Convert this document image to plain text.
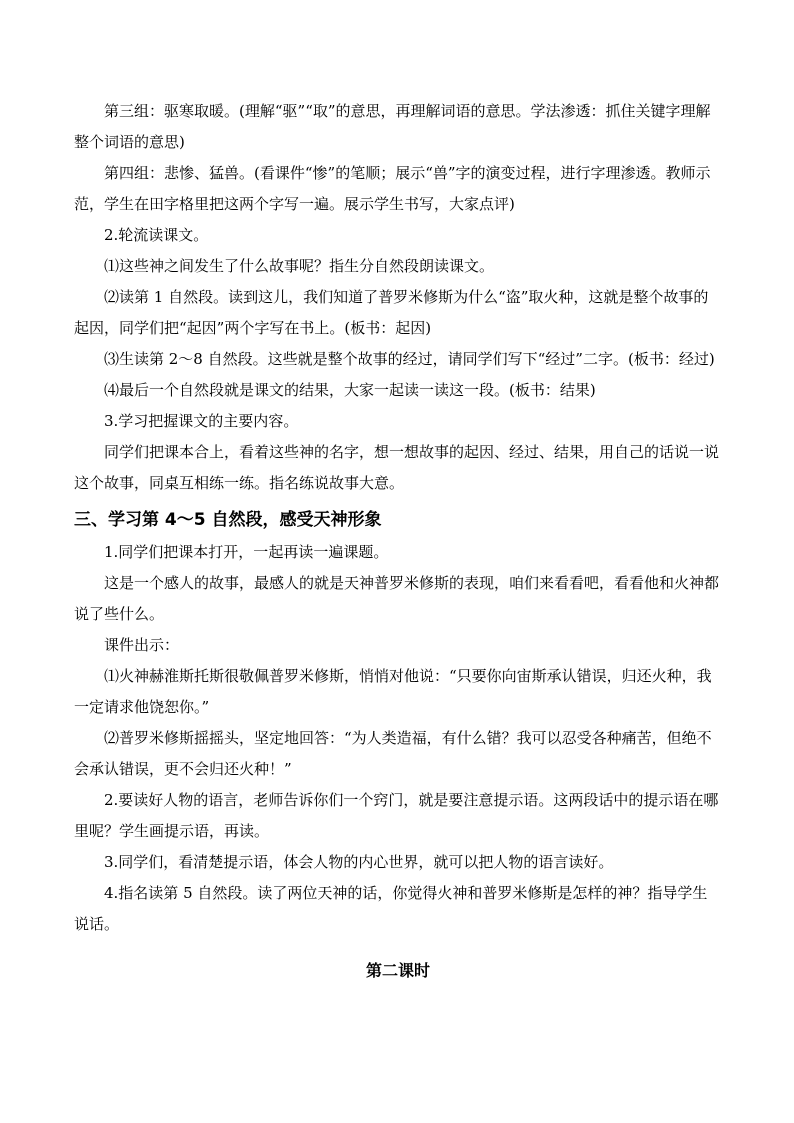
第三组：驱寒取暖。(理解“驱”“取”的意思，再理解词语的意思。学法渗透：抓住关键字理解整个词语的意思)

第四组：悲惨、猛兽。(看课件“惨”的笔顺；展示“兽”字的演变过程，进行字理渗透。教师示范，学生在田字格里把这两个字写一遍。展示学生书写，大家点评)

2.轮流读课文。

⑴这些神之间发生了什么故事呢？指生分自然段朗读课文。

⑵读第 1 自然段。读到这儿，我们知道了普罗米修斯为什么“盗”取火种，这就是整个故事的起因，同学们把“起因”两个字写在书上。(板书：起因)

⑶生读第 2～8 自然段。这些就是整个故事的经过，请同学们写下“经过”二字。(板书：经过)

⑷最后一个自然段就是课文的结果，大家一起读一读这一段。(板书：结果)

3.学习把握课文的主要内容。

同学们把课本合上，看着这些神的名字，想一想故事的起因、经过、结果，用自己的话说一说这个故事，同桌互相练一练。指名练说故事大意。

三、学习第 4～5 自然段，感受天神形象

1.同学们把课本打开，一起再读一遍课题。

这是一个感人的故事，最感人的就是天神普罗米修斯的表现，咱们来看看吧，看看他和火神都说了些什么。

课件出示：

⑴火神赫淮斯托斯很敬佩普罗米修斯，悄悄对他说：“只要你向宙斯承认错误，归还火种，我一定请求他饶恕你。”

⑵普罗米修斯摇摇头，坚定地回答：“为人类造福，有什么错？我可以忍受各种痛苦，但绝不会承认错误，更不会归还火种！”

2.要读好人物的语言，老师告诉你们一个窍门，就是要注意提示语。这两段话中的提示语在哪里呢？学生画提示语，再读。

3.同学们，看清楚提示语，体会人物的内心世界，就可以把人物的语言读好。

4.指名读第 5 自然段。读了两位天神的话，你觉得火神和普罗米修斯是怎样的神？指导学生说话。

第二课时
